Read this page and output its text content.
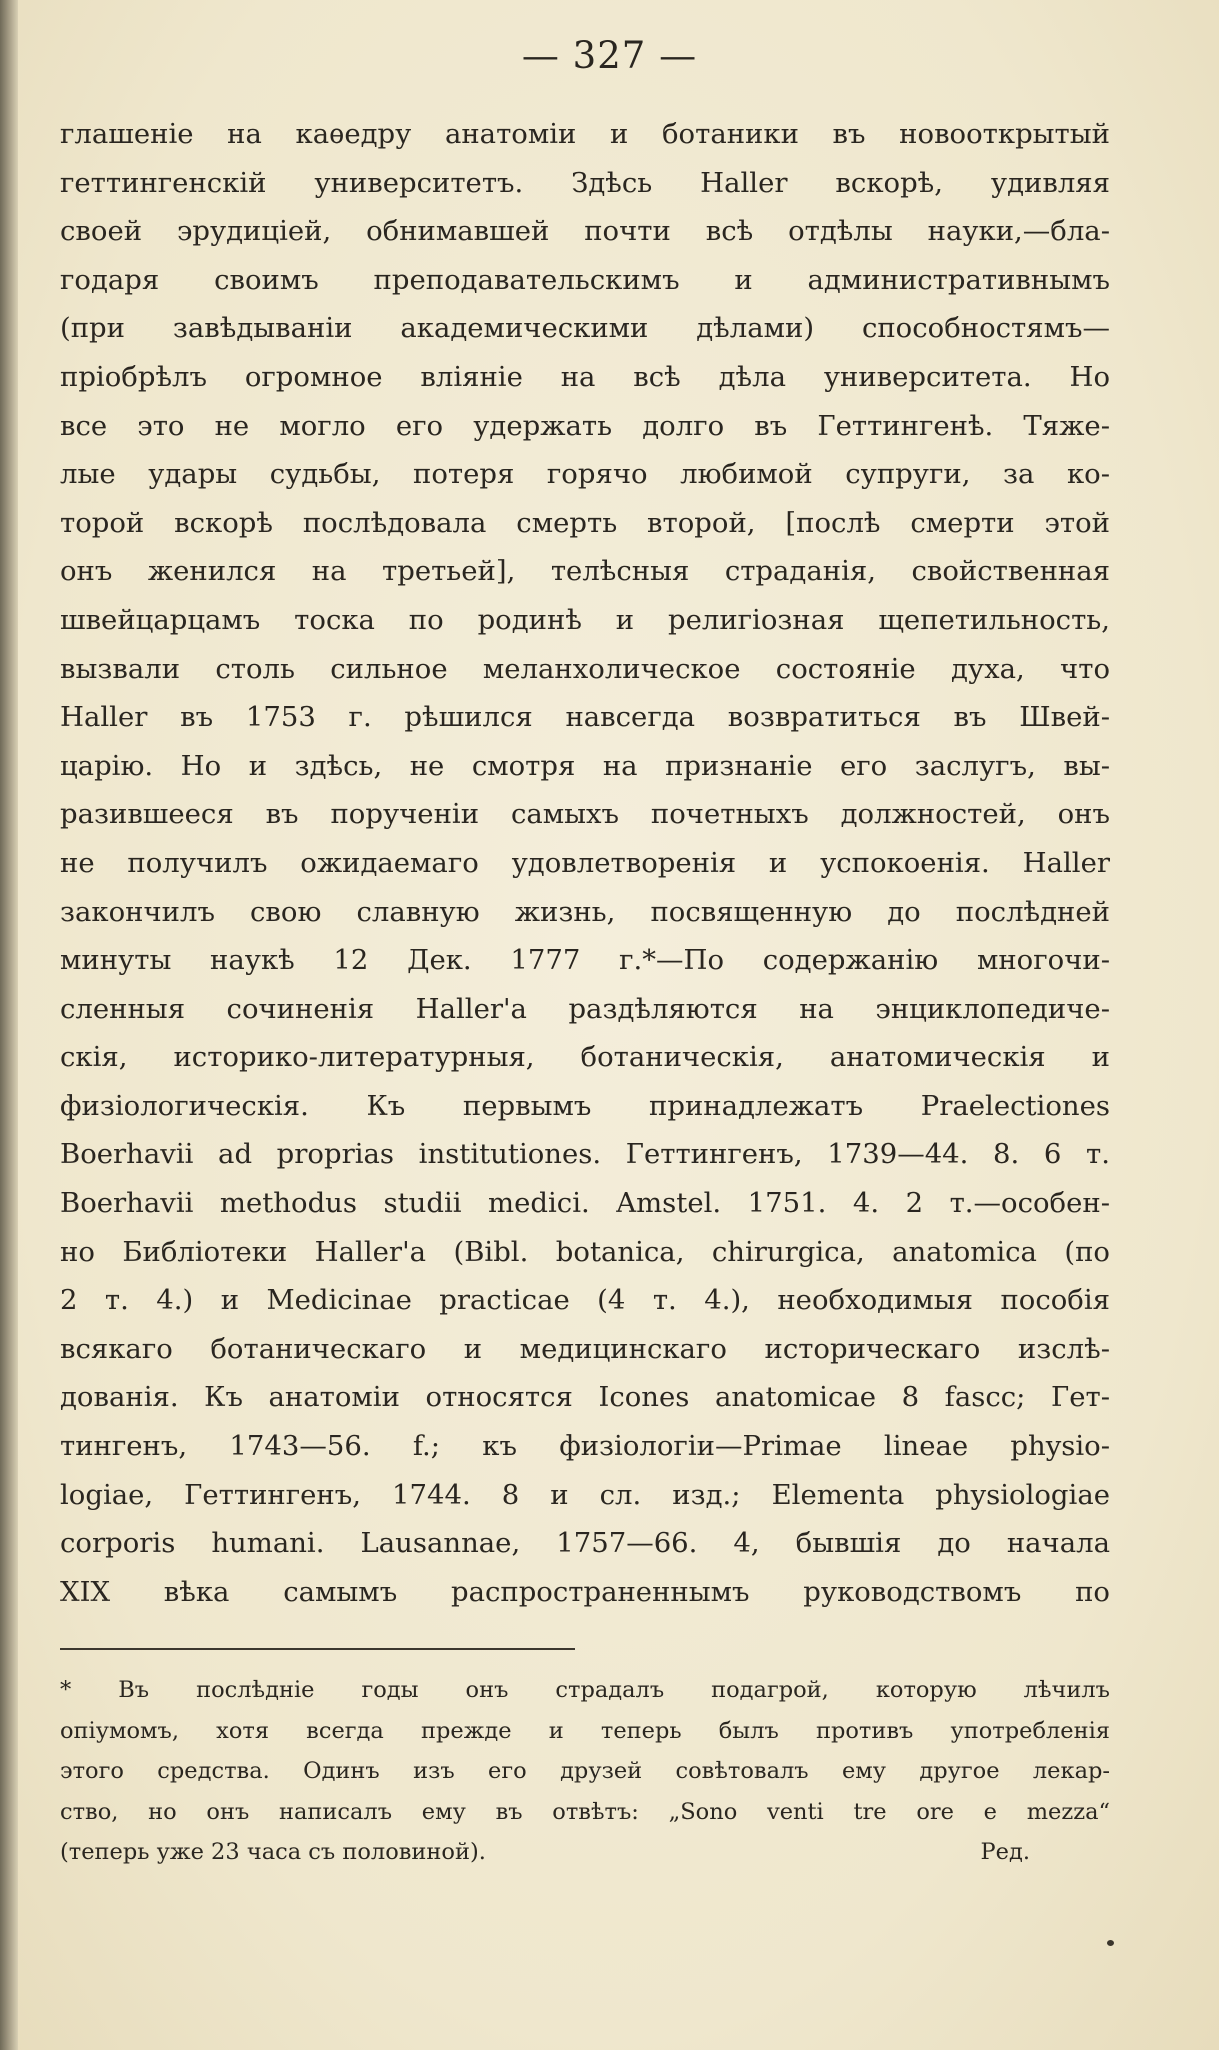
— 327 —
глашенiе на каѳедру анатомiи и ботаники въ новооткрытый
геттингенскiй университетъ. Здѣсь Haller вскорѣ, удивляя
своей эрудицiей, обнимавшей почти всѣ отдѣлы науки,—бла-
годаря своимъ преподавательскимъ и административнымъ
(при завѣдыванiи академическими дѣлами) способностямъ—
прiобрѣлъ огромное влiянiе на всѣ дѣла университета. Но
все это не могло его удержать долго въ Геттингенѣ. Тяже-
лые удары судьбы, потеря горячо любимой супруги, за ко-
торой вскорѣ послѣдовала смерть второй, [послѣ смерти этой
онъ женился на третьей], телѣсныя страданiя, свойственная
швейцарцамъ тоска по родинѣ и религiозная щепетильность,
вызвали столь сильное меланхолическое состоянiе духа, что
Haller въ 1753 г. рѣшился навсегда возвратиться въ Швей-
царiю. Но и здѣсь, не смотря на признанiе его заслугъ, вы-
разившееся въ порученiи самыхъ почетныхъ должностей, онъ
не получилъ ожидаемаго удовлетворенiя и успокоенiя. Haller
закончилъ свою славную жизнь, посвященную до послѣдней
минуты наукѣ 12 Дек. 1777 г.*—По содержанiю многочи-
сленныя сочиненiя Haller'а раздѣляются на энциклопедиче-
скiя, историко-литературныя, ботаническiя, анатомическiя и
физiологическiя. Къ первымъ принадлежатъ Praelectiones
Boerhavii ad proprias institutiones. Геттингенъ, 1739—44. 8. 6 т.
Boerhavii methodus studii medici. Amstel. 1751. 4. 2 т.—особен-
но Библiотеки Haller'а (Bibl. botanica, chirurgica, anatomica (по
2 т. 4.) и Medicinae practicae (4 т. 4.), необходимыя пособiя
всякаго ботаническаго и медицинскаго историческаго изслѣ-
дованiя. Къ анатомiи относятся Icones anatomicae 8 fascc; Гет-
тингенъ, 1743—56. f.; къ физiологiи—Primae lineae physio-
logiae, Геттингенъ, 1744. 8 и сл. изд.; Elementa physiologiae
corporis humani. Lausannae, 1757—66. 4, бывшiя до начала
XIX вѣка самымъ распространеннымъ руководствомъ по
* Въ послѣднiе годы онъ страдалъ подагрой, которую лѣчилъ
опiумомъ, хотя всегда прежде и теперь былъ противъ употребленiя
этого средства. Одинъ изъ его друзей совѣтовалъ ему другое лекар-
ство, но онъ написалъ ему въ отвѣтъ: „Sono venti tre ore e mezza“
(теперь уже 23 часа съ половиной).	Ред.
